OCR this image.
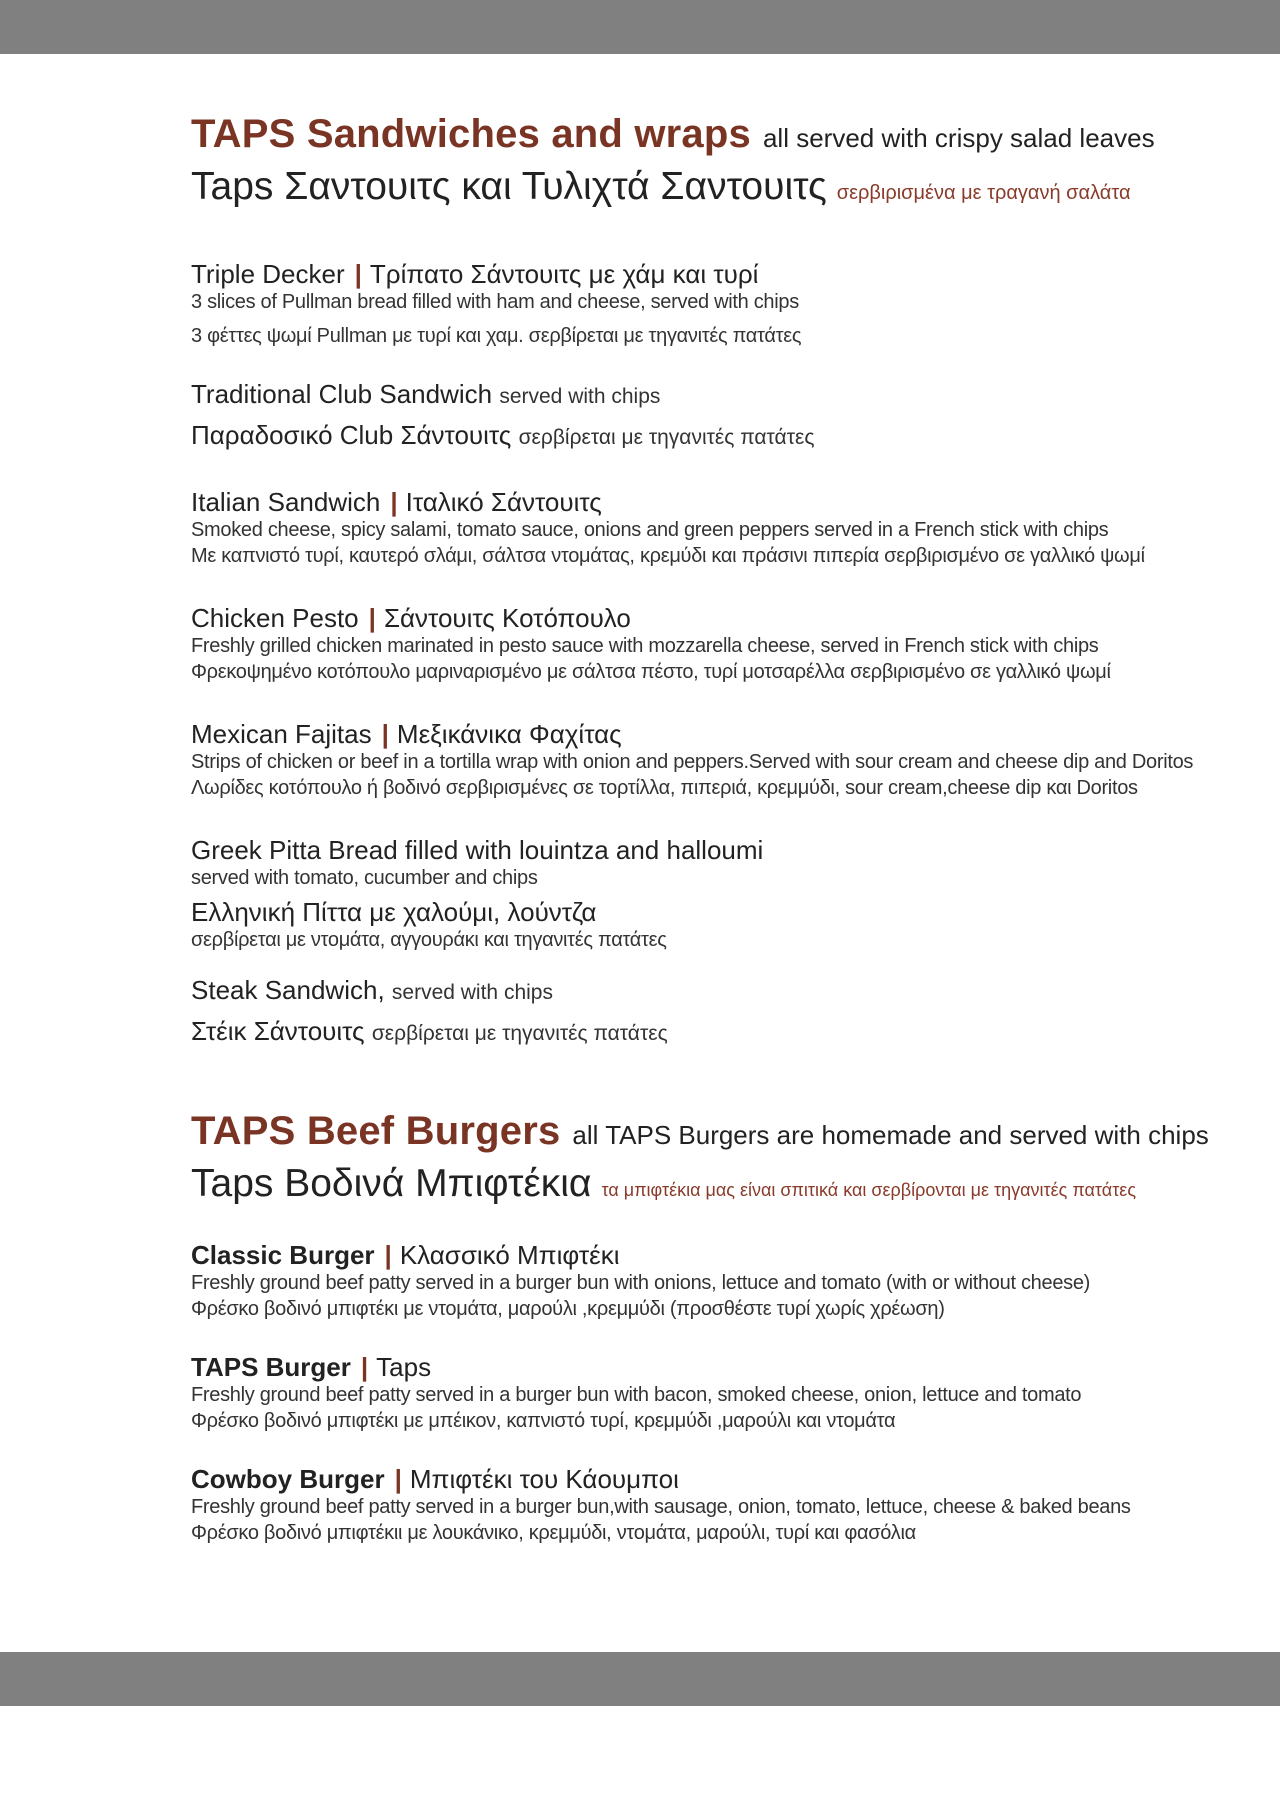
TAPS Sandwiches and wraps all served with crispy salad leaves
Taps Σαντουιτς και Τυλιχτά Σαντουιτς σερβιρισμένα με τραγανή σαλάτα
Triple Decker | Τρίπατο Σάντουιτς με χάμ και τυρί
3 slices of Pullman bread filled with ham and cheese, served with chips
3 φέττες ψωμί Pullman με τυρί και χαμ. σερβίρεται με τηγανιτές πατάτες
Traditional Club Sandwich served with chips
Παραδοσικό Club Σάντουιτς σερβίρεται με τηγανιτές πατάτες
Italian Sandwich | Ιταλικό Σάντουιτς
Smoked cheese, spicy salami, tomato sauce, onions and green peppers served in a French stick with chips
Με καπνιστό τυρί, καυτερό σλάμι, σάλτσα ντομάτας, κρεμύδι και πράσινι πιπερία σερβιρισμένο σε γαλλικό ψωμί
Chicken Pesto | Σάντουιτς Κοτόπουλο
Freshly grilled chicken marinated in pesto sauce with mozzarella cheese, served in French stick with chips
Φρεκοψημένο κοτόπουλο μαριναρισμένο με σάλτσα πέστο, τυρί μοτσαρέλλα σερβιρισμένο σε γαλλικό ψωμί
Mexican Fajitas | Μεξικάνικα Φαχίτας
Strips of chicken or beef in a tortilla wrap with onion and peppers.Served with sour cream and cheese dip and Doritos
Λωρίδες κοτόπουλο ή βοδινό σερβιρισμένες σε τορτίλλα, πιπεριά, κρεμμύδι, sour cream,cheese dip και Doritos
Greek Pitta Bread filled with louintza and halloumi
served with tomato, cucumber and chips
Ελληνική Πίττα με χαλούμι, λούντζα
σερβίρεται με ντομάτα, αγγουράκι και τηγανιτές πατάτες
Steak Sandwich, served with chips
Στέικ Σάντουιτς σερβίρεται με τηγανιτές πατάτες
TAPS Beef Burgers all TAPS Burgers are homemade and served with chips
Taps Βοδινά Μπιφτέκια τα μπιφτέκια μας είναι σπιτικά και σερβίρονται με τηγανιτές πατάτες
Classic Burger | Κλασσικό Μπιφτέκι
Freshly ground beef patty served in a burger bun with onions, lettuce and tomato (with or without cheese)
Φρέσκο βοδινό μπιφτέκι με ντομάτα, μαρούλι ,κρεμμύδι (προσθέστε τυρί χωρίς χρέωση)
TAPS Burger | Taps
Freshly ground beef patty served in a burger bun with bacon, smoked cheese, onion, lettuce and tomato
Φρέσκο βοδινό μπιφτέκι με μπέικον, καπνιστό τυρί, κρεμμύδι ,μαρούλι και ντομάτα
Cowboy Burger | Μπιφτέκι του Κάουμποι
Freshly ground beef patty served in a burger bun,with sausage, onion, tomato, lettuce, cheese & baked beans
Φρέσκο βοδινό μπιφτέκιι με λουκάνικο, κρεμμύδι, ντομάτα, μαρούλι, τυρί και φασόλια
